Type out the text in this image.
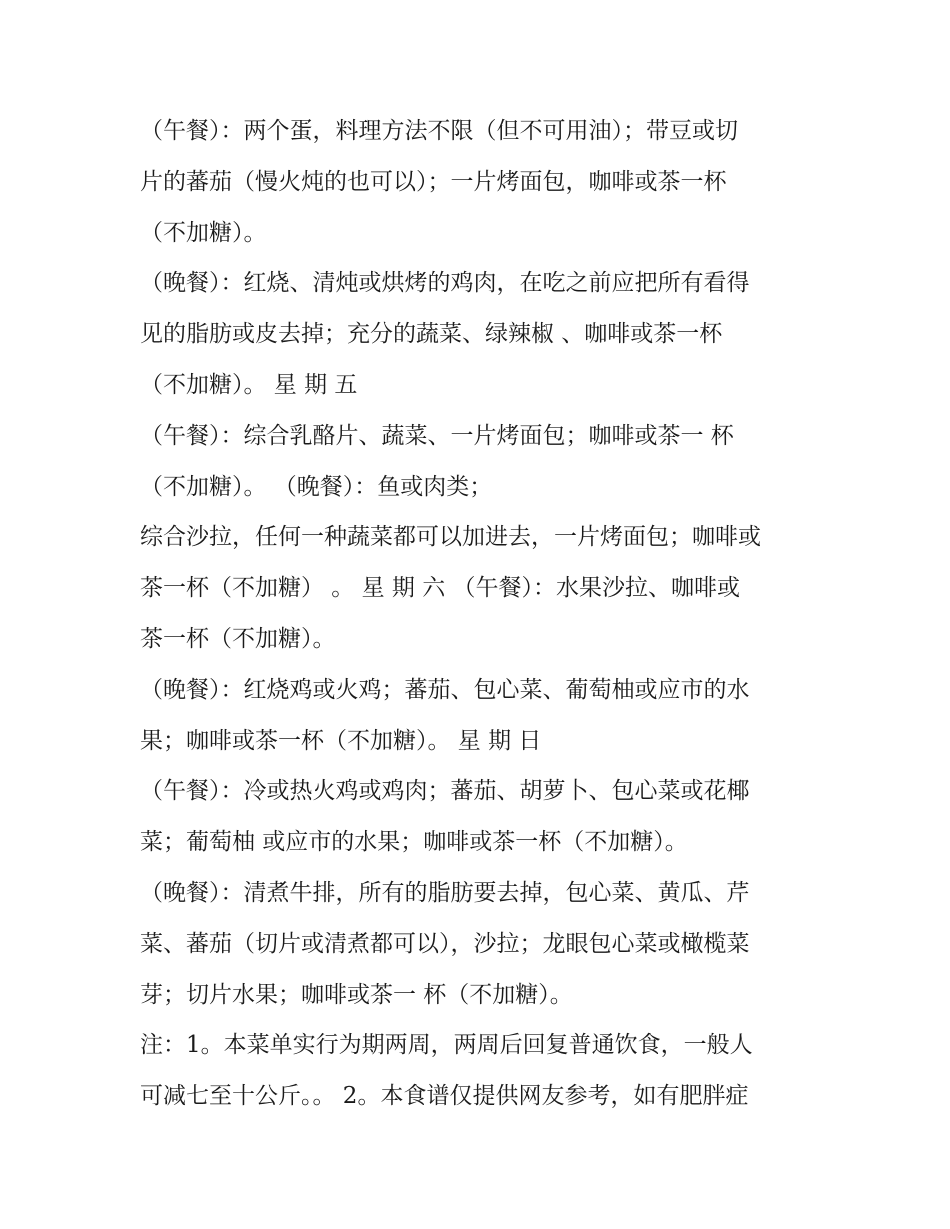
（午餐）：两个蛋，料理方法不限（但不可用油）；带豆或切
片的蕃茄（慢火炖的也可以）；一片烤面包，咖啡或茶一杯
（不加糖）。
（晚餐）：红烧、清炖或烘烤的鸡肉，在吃之前应把所有看得
见的脂肪或皮去掉；充分的蔬菜、绿辣椒 、咖啡或茶一杯
（不加糖）。 星 期 五
（午餐）：综合乳酪片、蔬菜、一片烤面包；咖啡或茶一 杯
（不加糖）。 （晚餐）：鱼或肉类；
综合沙拉，任何一种蔬菜都可以加进去，一片烤面包；咖啡或
茶一杯（不加糖） 。 星 期 六 （午餐）：水果沙拉、咖啡或
茶一杯（不加糖）。
（晚餐）：红烧鸡或火鸡；蕃茄、包心菜、葡萄柚或应市的水
果；咖啡或茶一杯（不加糖）。 星 期 日
（午餐）：冷或热火鸡或鸡肉；蕃茄、胡萝卜、包心菜或花椰
菜；葡萄柚 或应市的水果；咖啡或茶一杯（不加糖）。
（晚餐）：清煮牛排，所有的脂肪要去掉，包心菜、黄瓜、芹
菜、蕃茄（切片或清煮都可以），沙拉；龙眼包心菜或橄榄菜
芽；切片水果；咖啡或茶一 杯（不加糖）。
注：1。本菜单实行为期两周，两周后回复普通饮食，一般人
可减七至十公斤。。 2。本食谱仅提供网友参考，如有肥胖症
